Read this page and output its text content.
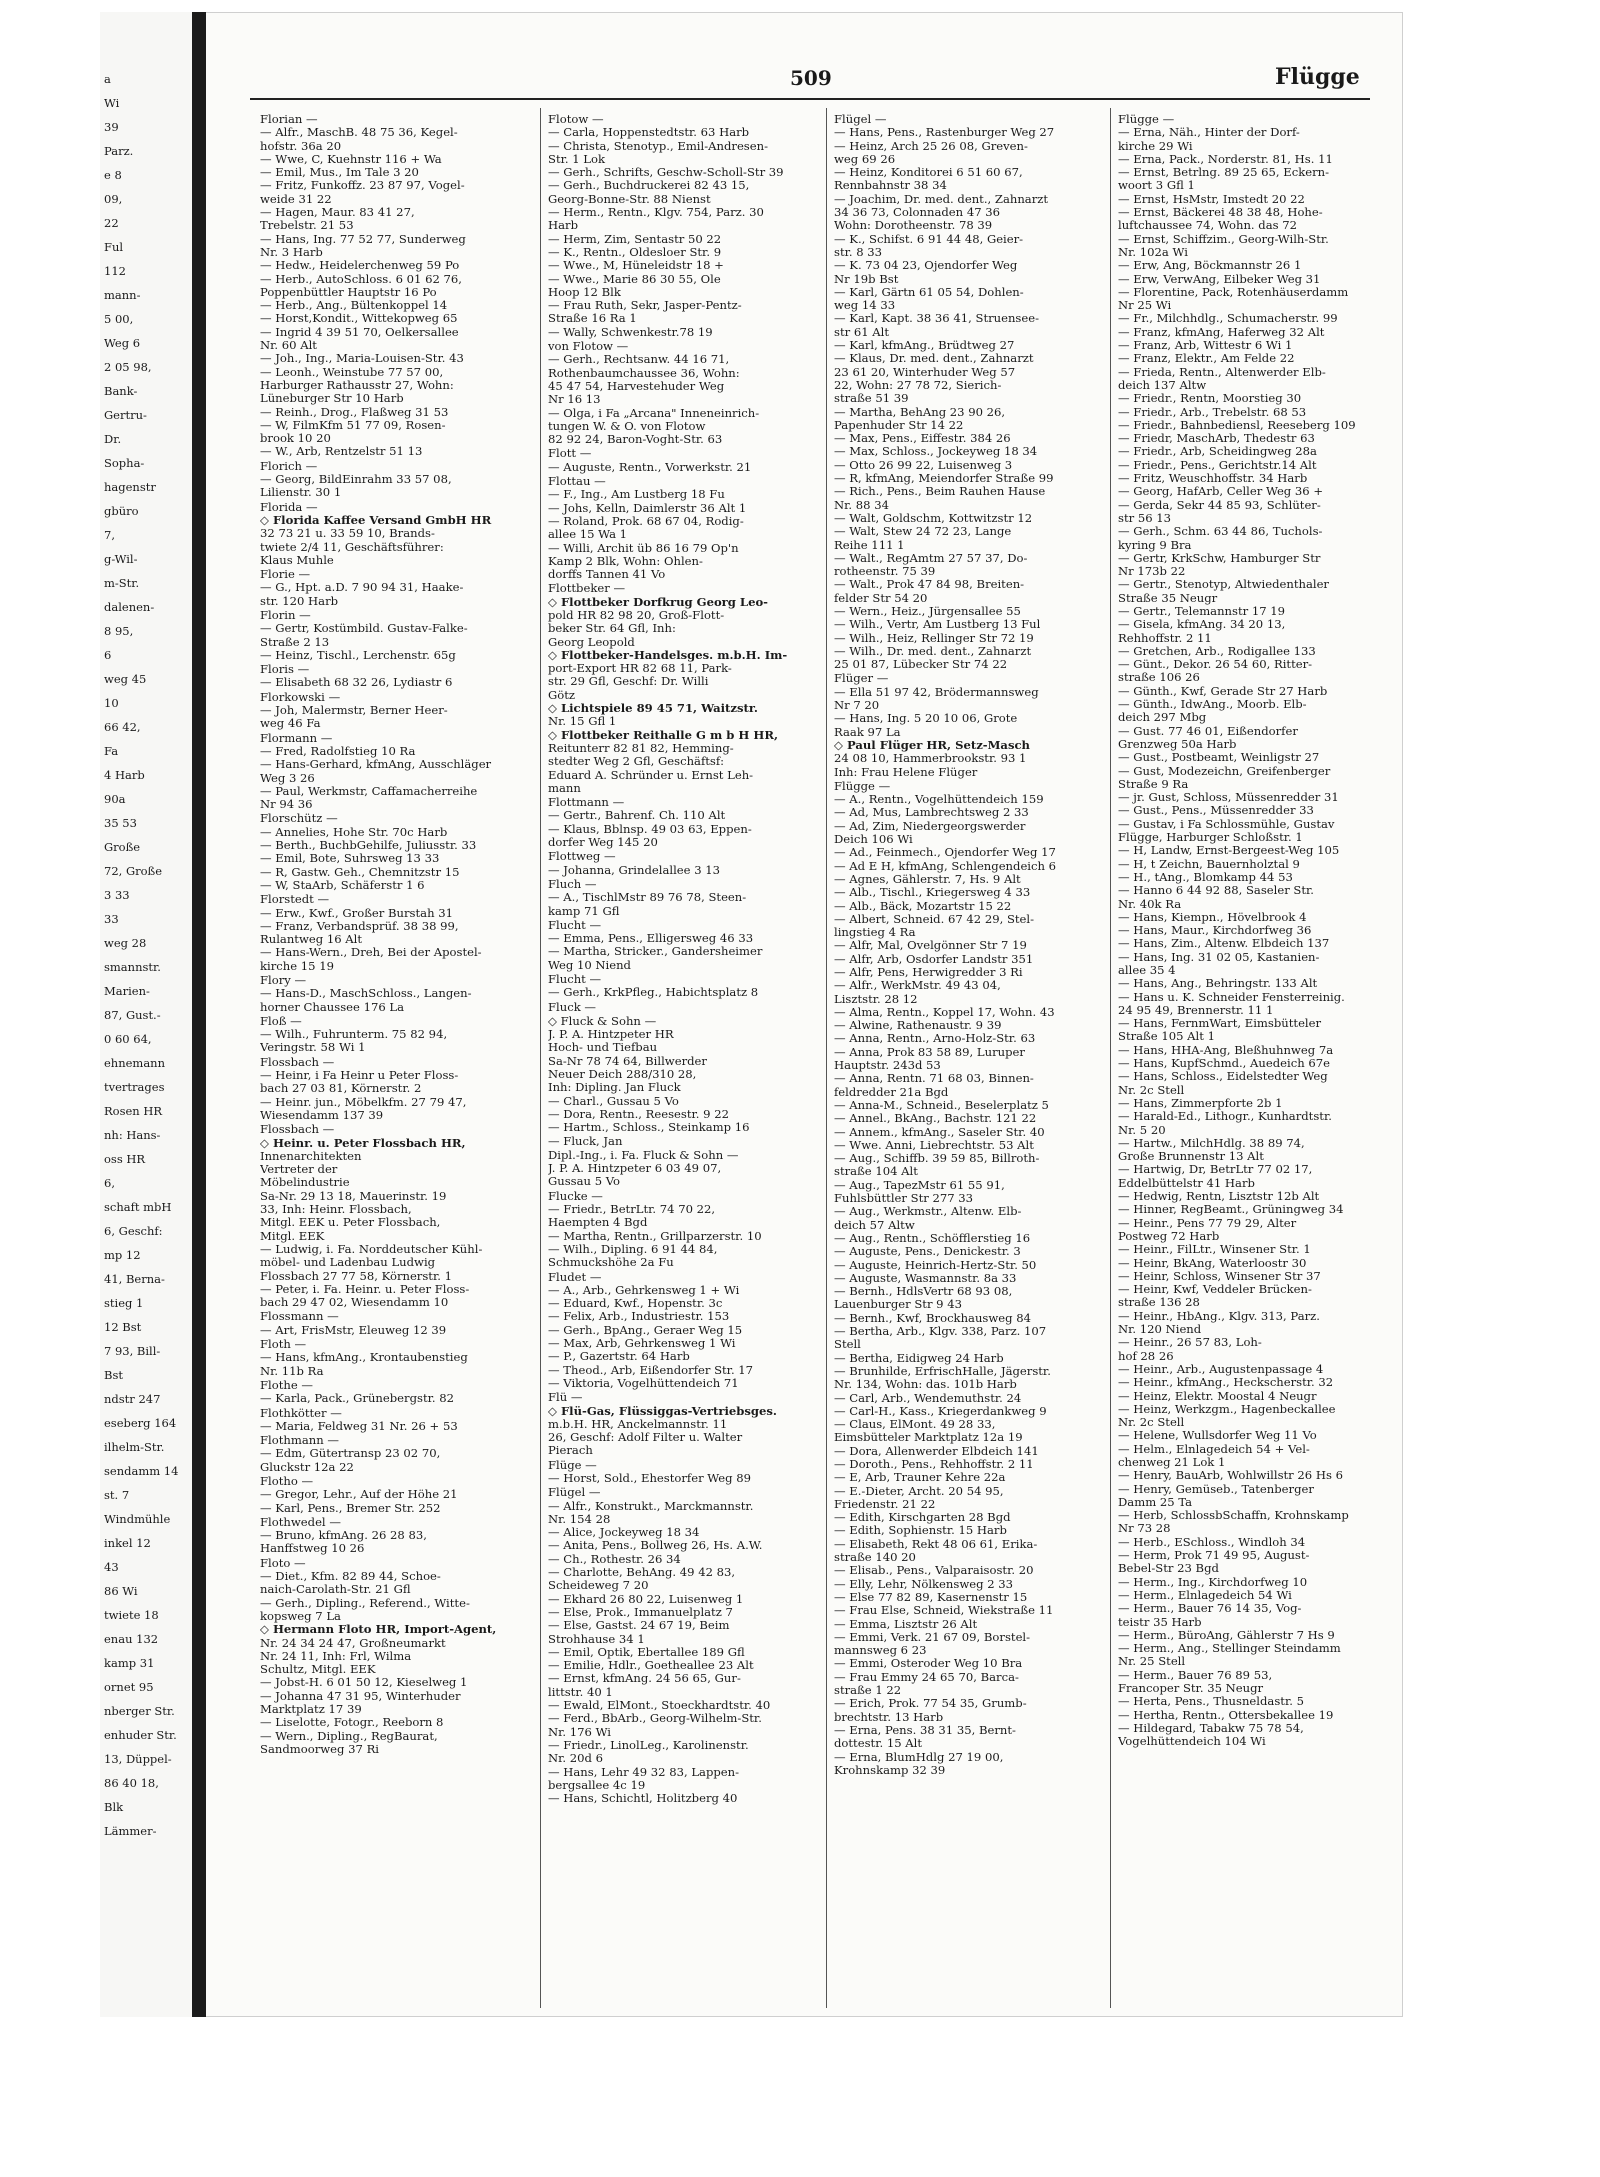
a
Wi
39
Parz.
e 8
09,
22
Ful
112
mann-
5 00,
Weg 6
2 05 98,
Bank-
Gertru-
Dr.
Sopha-
hagenstr
gbüro
7,
g-Wil-
m-Str.
dalenen-
8 95,
6
weg 45
10
66 42,
Fa
4 Harb
90a
35 53
Große
72, Große
3 33
33
weg 28
smannstr.
Marien-
87, Gust.-
0 60 64,
ehnemann
tvertrages
Rosen HR
nh: Hans-
oss HR
6,
schaft mbH
6, Geschf:
mp 12
41, Berna-
stieg 1
12 Bst
7 93, Bill-
Bst
ndstr 247
eseberg 164
ilhelm-Str.
sendamm 14
st. 7
Windmühle
inkel 12
43
86 Wi
twiete 18
enau 132
kamp 31
ornet 95
nberger Str.
enhuder Str.
13, Düppel-
86 40 18,
Blk
Lämmer-
509	Flügge
Florian —
— Alfr., MaschB. 48 75 36, Kegel-
hofstr. 36a 20
— Wwe, C, Kuehnstr 116 + Wa
— Emil, Mus., Im Tale 3 20
— Fritz, Funkoffz. 23 87 97, Vogel-
weide 31 22
— Hagen, Maur. 83 41 27,
Trebelstr. 21 53
— Hans, Ing. 77 52 77, Sunderweg
Nr. 3 Harb
— Hedw., Heidelerchenweg 59 Po
— Herb., AutoSchloss. 6 01 62 76,
Poppenbüttler Hauptstr 16 Po
— Herb., Ang., Bültenkoppel 14
— Horst,Kondit., Wittekopweg 65
— Ingrid 4 39 51 70, Oelkersallee
Nr. 60 Alt
— Joh., Ing., Maria-Louisen-Str. 43
— Leonh., Weinstube 77 57 00,
Harburger Rathausstr 27, Wohn:
Lüneburger Str 10 Harb
— Reinh., Drog., Flaßweg 31 53
— W, FilmKfm 51 77 09, Rosen-
brook 10 20
— W., Arb, Rentzelstr 51 13
Florich —
— Georg, BildEinrahm 33 57 08,
Lilienstr. 30 1
Florida —
◇ Florida Kaffee Versand GmbH HR
32 73 21 u. 33 59 10, Brands-
twiete 2/4 11, Geschäftsführer:
Klaus Muhle
Florie —
— G., Hpt. a.D. 7 90 94 31, Haake-
str. 120 Harb
Florin —
— Gertr, Kostümbild. Gustav-Falke-
Straße 2 13
— Heinz, Tischl., Lerchenstr. 65g
Floris —
— Elisabeth 68 32 26, Lydiastr 6
Florkowski —
— Joh, Malermstr, Berner Heer-
weg 46 Fa
Flormann —
— Fred, Radolfstieg 10 Ra
— Hans-Gerhard, kfmAng, Ausschläger
Weg 3 26
— Paul, Werkmstr, Caffamacherreihe
Nr 94 36
Florschütz —
— Annelies, Hohe Str. 70c Harb
— Berth., BuchbGehilfe, Juliusstr. 33
— Emil, Bote, Suhrsweg 13 33
— R, Gastw. Geh., Chemnitzstr 15
— W, StaArb, Schäferstr 1 6
Florstedt —
— Erw., Kwf., Großer Burstah 31
— Franz, Verbandsprüf. 38 38 99,
Rulantweg 16 Alt
— Hans-Wern., Dreh, Bei der Apostel-
kirche 15 19
Flory —
— Hans-D., MaschSchloss., Langen-
horner Chaussee 176 La
Floß —
— Wilh., Fuhrunterm. 75 82 94,
Veringstr. 58 Wi 1
Flossbach —
— Heinr, i Fa Heinr u Peter Floss-
bach 27 03 81, Körnerstr. 2
— Heinr. jun., Möbelkfm. 27 79 47,
Wiesendamm 137 39
Flossbach —
◇ Heinr. u. Peter Flossbach HR,
Innenarchitekten
Vertreter der
Möbelindustrie
Sa-Nr. 29 13 18, Mauerinstr. 19
33, Inh: Heinr. Flossbach,
Mitgl. EEK u. Peter Flossbach,
Mitgl. EEK
— Ludwig, i. Fa. Norddeutscher Kühl-
möbel- und Ladenbau Ludwig
Flossbach 27 77 58, Körnerstr. 1
— Peter, i. Fa. Heinr. u. Peter Floss-
bach 29 47 02, Wiesendamm 10
Flossmann —
— Art, FrisMstr, Eleuweg 12 39
Floth —
— Hans, kfmAng., Krontaubenstieg
Nr. 11b Ra
Flothe —
— Karla, Pack., Grünebergstr. 82
Flothkötter —
— Maria, Feldweg 31 Nr. 26 + 53
Flothmann —
— Edm, Gütertransp 23 02 70,
Gluckstr 12a 22
Flotho —
— Gregor, Lehr., Auf der Höhe 21
— Karl, Pens., Bremer Str. 252
Flothwedel —
— Bruno, kfmAng. 26 28 83,
Hanffstweg 10 26
Floto —
— Diet., Kfm. 82 89 44, Schoe-
naich-Carolath-Str. 21 Gfl
— Gerh., Dipling., Referend., Witte-
kopsweg 7 La
◇ Hermann Floto HR, Import-Agent,
Nr. 24 34 24 47, Großneumarkt
Nr. 24 11, Inh: Frl, Wilma
Schultz, Mitgl. EEK
— Jobst-H. 6 01 50 12, Kieselweg 1
— Johanna 47 31 95, Winterhuder
Marktplatz 17 39
— Liselotte, Fotogr., Reeborn 8
— Wern., Dipling., RegBaurat,
Sandmoorweg 37 Ri
Flotow —
— Carla, Hoppenstedtstr. 63 Harb
— Christa, Stenotyp., Emil-Andresen-
Str. 1 Lok
— Gerh., Schrifts, Geschw-Scholl-Str 39
— Gerh., Buchdruckerei 82 43 15,
Georg-Bonne-Str. 88 Nienst
— Herm., Rentn., Klgv. 754, Parz. 30
Harb
— Herm, Zim, Sentastr 50 22
— K., Rentn., Oldesloer Str. 9
— Wwe., M, Hüneleidstr 18 +
— Wwe., Marie 86 30 55, Ole
Hoop 12 Blk
— Frau Ruth, Sekr, Jasper-Pentz-
Straße 16 Ra 1
— Wally, Schwenkestr.78 19
von Flotow —
— Gerh., Rechtsanw. 44 16 71,
Rothenbaumchaussee 36, Wohn:
45 47 54, Harvestehuder Weg
Nr 16 13
— Olga, i Fa „Arcana" Inneneinrich-
tungen W. & O. von Flotow
82 92 24, Baron-Voght-Str. 63
Flott —
— Auguste, Rentn., Vorwerkstr. 21
Flottau —
— F., Ing., Am Lustberg 18 Fu
— Johs, Kelln, Daimlerstr 36 Alt 1
— Roland, Prok. 68 67 04, Rodig-
allee 15 Wa 1
— Willi, Archit üb 86 16 79 Op'n
Kamp 2 Blk, Wohn: Ohlen-
dorffs Tannen 41 Vo
Flottbeker —
◇ Flottbeker Dorfkrug Georg Leo-
pold HR 82 98 20, Groß-Flott-
beker Str. 64 Gfl, Inh:
Georg Leopold
◇ Flottbeker-Handelsges. m.b.H. Im-
port-Export HR 82 68 11, Park-
str. 29 Gfl, Geschf: Dr. Willi
Götz
◇ Lichtspiele 89 45 71, Waitzstr.
Nr. 15 Gfl 1
◇ Flottbeker Reithalle G m b H HR,
Reitunterr 82 81 82, Hemming-
stedter Weg 2 Gfl, Geschäftsf:
Eduard A. Schründer u. Ernst Leh-
mann
Flottmann —
— Gertr., Bahrenf. Ch. 110 Alt
— Klaus, Bblnsp. 49 03 63, Eppen-
dorfer Weg 145 20
Flottweg —
— Johanna, Grindelallee 3 13
Fluch —
— A., TischlMstr 89 76 78, Steen-
kamp 71 Gfl
Flucht —
— Emma, Pens., Elligersweg 46 33
— Martha, Stricker., Gandersheimer
Weg 10 Niend
Flucht —
— Gerh., KrkPfleg., Habichtsplatz 8
Fluck —
◇ Fluck & Sohn —
J. P. A. Hintzpeter HR
Hoch- und Tiefbau
Sa-Nr 78 74 64, Billwerder
Neuer Deich 288/310 28,
Inh: Dipling. Jan Fluck
— Charl., Gussau 5 Vo
— Dora, Rentn., Reesestr. 9 22
— Hartm., Schloss., Steinkamp 16
— Fluck, Jan
Dipl.-Ing., i. Fa. Fluck & Sohn —
J. P. A. Hintzpeter 6 03 49 07,
Gussau 5 Vo
Flucke —
— Friedr., BetrLtr. 74 70 22,
Haempten 4 Bgd
— Martha, Rentn., Grillparzerstr. 10
— Wilh., Dipling. 6 91 44 84,
Schmuckshöhe 2a Fu
Fludet —
— A., Arb., Gehrkensweg 1 + Wi
— Eduard, Kwf., Hopenstr. 3c
— Felix, Arb., Industriestr. 153
— Gerh., BpAng., Geraer Weg 15
— Max, Arb, Gehrkensweg 1 Wi
— P., Gazertstr. 64 Harb
— Theod., Arb, Eißendorfer Str. 17
— Viktoria, Vogelhüttendeich 71
Flü —
◇ Flü-Gas, Flüssiggas-Vertriebsges.
m.b.H. HR, Anckelmannstr. 11
26, Geschf: Adolf Filter u. Walter
Pierach
Flüge —
— Horst, Sold., Ehestorfer Weg 89
Flügel —
— Alfr., Konstrukt., Marckmannstr.
Nr. 154 28
— Alice, Jockeyweg 18 34
— Anita, Pens., Bollweg 26, Hs. A.W.
— Ch., Rothestr. 26 34
— Charlotte, BehAng. 49 42 83,
Scheideweg 7 20
— Ekhard 26 80 22, Luisenweg 1
— Else, Prok., Immanuelplatz 7
— Else, Gastst. 24 67 19, Beim
Strohhause 34 1
— Emil, Optik, Ebertallee 189 Gfl
— Emilie, Hdlr., Goetheallee 23 Alt
— Ernst, kfmAng. 24 56 65, Gur-
littstr. 40 1
— Ewald, ElMont., Stoeckhardtstr. 40
— Ferd., BbArb., Georg-Wilhelm-Str.
Nr. 176 Wi
— Friedr., LinolLeg., Karolinenstr.
Nr. 20d 6
— Hans, Lehr 49 32 83, Lappen-
bergsallee 4c 19
— Hans, Schichtl, Holitzberg 40
Flügel —
— Hans, Pens., Rastenburger Weg 27
— Heinz, Arch 25 26 08, Greven-
weg 69 26
— Heinz, Konditorei 6 51 60 67,
Rennbahnstr 38 34
— Joachim, Dr. med. dent., Zahnarzt
34 36 73, Colonnaden 47 36
Wohn: Dorotheenstr. 78 39
— K., Schifst. 6 91 44 48, Geier-
str. 8 33
— K. 73 04 23, Ojendorfer Weg
Nr 19b Bst
— Karl, Gärtn 61 05 54, Dohlen-
weg 14 33
— Karl, Kapt. 38 36 41, Struensee-
str 61 Alt
— Karl, kfmAng., Brüdtweg 27
— Klaus, Dr. med. dent., Zahnarzt
23 61 20, Winterhuder Weg 57
22, Wohn: 27 78 72, Sierich-
straße 51 39
— Martha, BehAng 23 90 26,
Papenhuder Str 14 22
— Max, Pens., Eiffestr. 384 26
— Max, Schloss., Jockeyweg 18 34
— Otto 26 99 22, Luisenweg 3
— R, kfmAng, Meiendorfer Straße 99
— Rich., Pens., Beim Rauhen Hause
Nr. 88 34
— Walt, Goldschm, Kottwitzstr 12
— Walt, Stew 24 72 23, Lange
Reihe 111 1
— Walt., RegAmtm 27 57 37, Do-
rotheenstr. 75 39
— Walt., Prok 47 84 98, Breiten-
felder Str 54 20
— Wern., Heiz., Jürgensallee 55
— Wilh., Vertr, Am Lustberg 13 Ful
— Wilh., Heiz, Rellinger Str 72 19
— Wilh., Dr. med. dent., Zahnarzt
25 01 87, Lübecker Str 74 22
Flüger —
— Ella 51 97 42, Brödermannsweg
Nr 7 20
— Hans, Ing. 5 20 10 06, Grote
Raak 97 La
◇ Paul Flüger HR, Setz-Masch
24 08 10, Hammerbrookstr. 93 1
Inh: Frau Helene Flüger
Flügge —
— A., Rentn., Vogelhüttendeich 159
— Ad, Mus, Lambrechtsweg 2 33
— Ad, Zim, Niedergeorgswerder
Deich 106 Wi
— Ad., Feinmech., Ojendorfer Weg 17
— Ad E H, kfmAng, Schlengendeich 6
— Agnes, Gählerstr. 7, Hs. 9 Alt
— Alb., Tischl., Kriegersweg 4 33
— Alb., Bäck, Mozartstr 15 22
— Albert, Schneid. 67 42 29, Stel-
lingstieg 4 Ra
— Alfr, Mal, Ovelgönner Str 7 19
— Alfr, Arb, Osdorfer Landstr 351
— Alfr, Pens, Herwigredder 3 Ri
— Alfr., WerkMstr. 49 43 04,
Lisztstr. 28 12
— Alma, Rentn., Koppel 17, Wohn. 43
— Alwine, Rathenaustr. 9 39
— Anna, Rentn., Arno-Holz-Str. 63
— Anna, Prok 83 58 89, Luruper
Hauptstr. 243d 53
— Anna, Rentn. 71 68 03, Binnen-
feldredder 21a Bgd
— Anna-M., Schneid., Beselerplatz 5
— Annel., BkAng., Bachstr. 121 22
— Annem., kfmAng., Saseler Str. 40
— Wwe. Anni, Liebrechtstr. 53 Alt
— Aug., Schiffb. 39 59 85, Billroth-
straße 104 Alt
— Aug., TapezMstr 61 55 91,
Fuhlsbüttler Str 277 33
— Aug., Werkmstr., Altenw. Elb-
deich 57 Altw
— Aug., Rentn., Schöfflerstieg 16
— Auguste, Pens., Denickestr. 3
— Auguste, Heinrich-Hertz-Str. 50
— Auguste, Wasmannstr. 8a 33
— Bernh., HdlsVertr 68 93 08,
Lauenburger Str 9 43
— Bernh., Kwf, Brockhausweg 84
— Bertha, Arb., Klgv. 338, Parz. 107
Stell
— Bertha, Eidigweg 24 Harb
— Brunhilde, ErfrischHalle, Jägerstr.
Nr. 134, Wohn: das. 101b Harb
— Carl, Arb., Wendemuthstr. 24
— Carl-H., Kass., Kriegerdankweg 9
— Claus, ElMont. 49 28 33,
Eimsbütteler Marktplatz 12a 19
— Dora, Allenwerder Elbdeich 141
— Doroth., Pens., Rehhoffstr. 2 11
— E, Arb, Trauner Kehre 22a
— E.-Dieter, Archt. 20 54 95,
Friedenstr. 21 22
— Edith, Kirschgarten 28 Bgd
— Edith, Sophienstr. 15 Harb
— Elisabeth, Rekt 48 06 61, Erika-
straße 140 20
— Elisab., Pens., Valparaisostr. 20
— Elly, Lehr, Nölkensweg 2 33
— Else 77 82 89, Kasernenstr 15
— Frau Else, Schneid, Wiekstraße 11
— Emma, Lisztstr 26 Alt
— Emmi, Verk. 21 67 09, Borstel-
mannsweg 6 23
— Emmi, Osteroder Weg 10 Bra
— Frau Emmy 24 65 70, Barca-
straße 1 22
— Erich, Prok. 77 54 35, Grumb-
brechtstr. 13 Harb
— Erna, Pens. 38 31 35, Bernt-
dottestr. 15 Alt
— Erna, BlumHdlg 27 19 00,
Krohnskamp 32 39
Flügge —
— Erna, Näh., Hinter der Dorf-
kirche 29 Wi
— Erna, Pack., Norderstr. 81, Hs. 11
— Ernst, Betrlng. 89 25 65, Eckern-
woort 3 Gfl 1
— Ernst, HsMstr, Imstedt 20 22
— Ernst, Bäckerei 48 38 48, Hohe-
luftchaussee 74, Wohn. das 72
— Ernst, Schiffzim., Georg-Wilh-Str.
Nr. 102a Wi
— Erw, Ang, Böckmannstr 26 1
— Erw, VerwAng, Eilbeker Weg 31
— Florentine, Pack, Rotenhäuserdamm
Nr 25 Wi
— Fr., Milchhdlg., Schumacherstr. 99
— Franz, kfmAng, Haferweg 32 Alt
— Franz, Arb, Wittestr 6 Wi 1
— Franz, Elektr., Am Felde 22
— Frieda, Rentn., Altenwerder Elb-
deich 137 Altw
— Friedr., Rentn, Moorstieg 30
— Friedr., Arb., Trebelstr. 68 53
— Friedr., Bahnbediensl, Reeseberg 109
— Friedr, MaschArb, Thedestr 63
— Friedr., Arb, Scheidingweg 28a
— Friedr., Pens., Gerichtstr.14 Alt
— Fritz, Weuschhoffstr. 34 Harb
— Georg, HafArb, Celler Weg 36 +
— Gerda, Sekr 44 85 93, Schlüter-
str 56 13
— Gerh., Schm. 63 44 86, Tuchols-
kyring 9 Bra
— Gertr, KrkSchw, Hamburger Str
Nr 173b 22
— Gertr., Stenotyp, Altwiedenthaler
Straße 35 Neugr
— Gertr., Telemannstr 17 19
— Gisela, kfmAng. 34 20 13,
Rehhoffstr. 2 11
— Gretchen, Arb., Rodigallee 133
— Günt., Dekor. 26 54 60, Ritter-
straße 106 26
— Günth., Kwf, Gerade Str 27 Harb
— Günth., IdwAng., Moorb. Elb-
deich 297 Mbg
— Gust. 77 46 01, Eißendorfer
Grenzweg 50a Harb
— Gust., Postbeamt, Weinligstr 27
— Gust, Modezeichn, Greifenberger
Straße 9 Ra
— jr. Gust, Schloss, Müssenredder 31
— Gust., Pens., Müssenredder 33
— Gustav, i Fa Schlossmühle, Gustav
Flügge, Harburger Schloßstr. 1
— H, Landw, Ernst-Bergeest-Weg 105
— H, t Zeichn, Bauernholztal 9
— H., tAng., Blomkamp 44 53
— Hanno 6 44 92 88, Saseler Str.
Nr. 40k Ra
— Hans, Kiempn., Hövelbrook 4
— Hans, Maur., Kirchdorfweg 36
— Hans, Zim., Altenw. Elbdeich 137
— Hans, Ing. 31 02 05, Kastanien-
allee 35 4
— Hans, Ang., Behringstr. 133 Alt
— Hans u. K. Schneider Fensterreinig.
24 95 49, Brennerstr. 11 1
— Hans, FernmWart, Eimsbütteler
Straße 105 Alt 1
— Hans, HHA-Ang, Bleßhuhnweg 7a
— Hans, KupfSchmd., Auedeich 67e
— Hans, Schloss., Eidelstedter Weg
Nr. 2c Stell
— Hans, Zimmerpforte 2b 1
— Harald-Ed., Lithogr., Kunhardtstr.
Nr. 5 20
— Hartw., MilchHdlg. 38 89 74,
Große Brunnenstr 13 Alt
— Hartwig, Dr, BetrLtr 77 02 17,
Eddelbüttelstr 41 Harb
— Hedwig, Rentn, Lisztstr 12b Alt
— Hinner, RegBeamt., Grüningweg 34
— Heinr., Pens 77 79 29, Alter
Postweg 72 Harb
— Heinr., FilLtr., Winsener Str. 1
— Heinr, BkAng, Waterloostr 30
— Heinr, Schloss, Winsener Str 37
— Heinr, Kwf, Veddeler Brücken-
straße 136 28
— Heinr., HbAng., Klgv. 313, Parz.
Nr. 120 Niend
— Heinr., 26 57 83, Loh-
hof 28 26
— Heinr., Arb., Augustenpassage 4
— Heinr., kfmAng., Heckscherstr. 32
— Heinz, Elektr. Moostal 4 Neugr
— Heinz, Werkzgm., Hagenbeckallee
Nr. 2c Stell
— Helene, Wullsdorfer Weg 11 Vo
— Helm., Elnlagedeich 54 + Vel-
chenweg 21 Lok 1
— Henry, BauArb, Wohlwillstr 26 Hs 6
— Henry, Gemüseb., Tatenberger
Damm 25 Ta
— Herb, SchlossbSchaffn, Krohnskamp
Nr 73 28
— Herb., ESchloss., Windloh 34
— Herm, Prok 71 49 95, August-
Bebel-Str 23 Bgd
— Herm., Ing., Kirchdorfweg 10
— Herm., Elnlagedeich 54 Wi
— Herm., Bauer 76 14 35, Vog-
teistr 35 Harb
— Herm., BüroAng, Gählerstr 7 Hs 9
— Herm., Ang., Stellinger Steindamm
Nr. 25 Stell
— Herm., Bauer 76 89 53,
Francoper Str. 35 Neugr
— Herta, Pens., Thusneldastr. 5
— Hertha, Rentn., Ottersbekallee 19
— Hildegard, Tabakw 75 78 54,
Vogelhüttendeich 104 Wi
